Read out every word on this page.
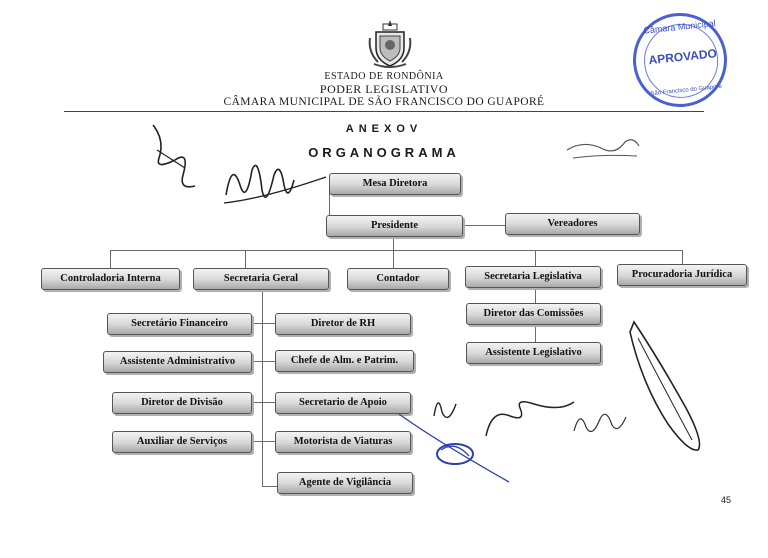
ESTADO DE RONDÔNIA
PODER LEGISLATIVO
CÂMARA MUNICIPAL DE SÃO FRANCISCO DO GUAPORÉ
ANEXOV
ORGANOGRAMA
Câmara Municipal
APROVADO
São Francisco do Guaporé
Mesa Diretora
Presidente	Vereadores
Controladoria Interna	Secretaria Geral	Contador	Secretaria Legislativa	Procuradoria Jurídica
Secretário Financeiro
Assistente Administrativo
Diretor de Divisão
Auxiliar de Serviços
Diretor de RH
Chefe de Alm. e Patrim.
Secretario de Apoio
Motorista de Viaturas
Agente de Vigilância
Diretor das Comissões
Assistente Legislativo
45
